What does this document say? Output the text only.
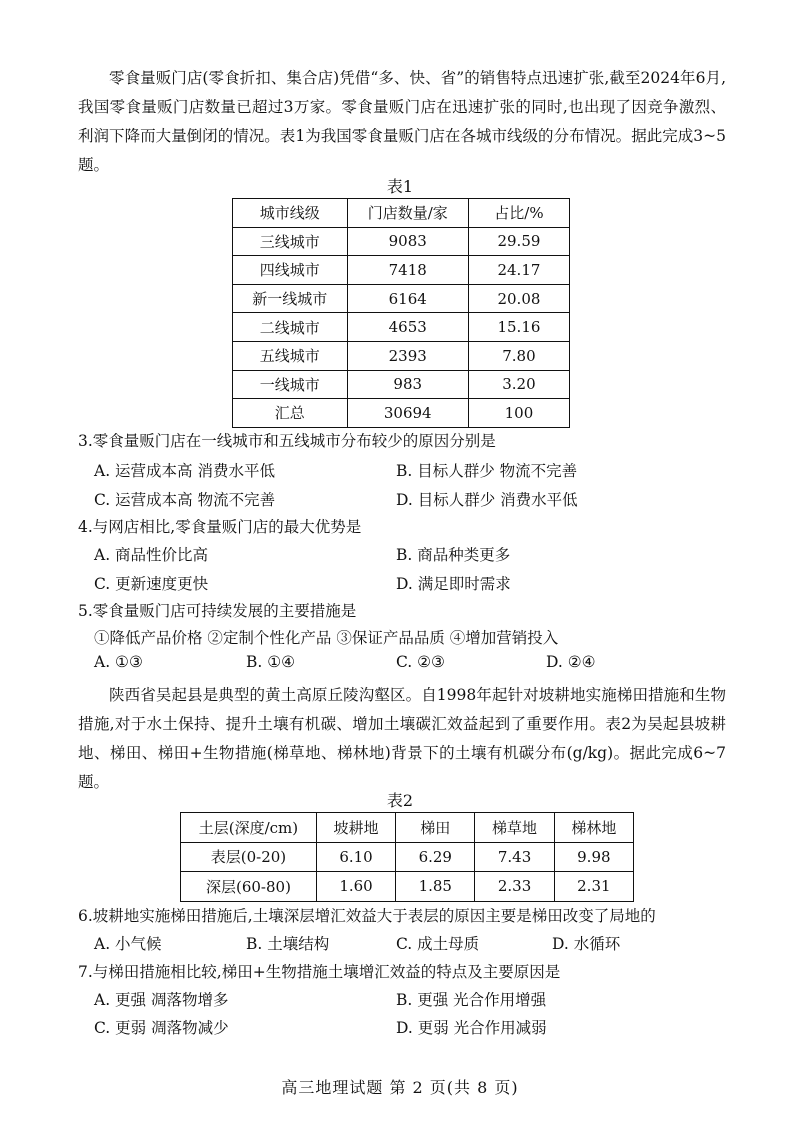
零食量贩门店(零食折扣、集合店)凭借“多、快、省”的销售特点迅速扩张,截至2024年6月,我国零食量贩门店数量已超过3万家。零食量贩门店在迅速扩张的同时,也出现了因竞争激烈、利润下降而大量倒闭的情况。表1为我国零食量贩门店在各城市线级的分布情况。据此完成3~5题。
表1
城市线级	门店数量/家	占比/%
三线城市	9083	29.59
四线城市	7418	24.17
新一线城市	6164	20.08
二线城市	4653	15.16
五线城市	2393	7.80
一线城市	983	3.20
汇总	30694	100
3.零食量贩门店在一线城市和五线城市分布较少的原因分别是
A. 运营成本高 消费水平低	B. 目标人群少 物流不完善
C. 运营成本高 物流不完善	D. 目标人群少 消费水平低
4.与网店相比,零食量贩门店的最大优势是
A. 商品性价比高	B. 商品种类更多
C. 更新速度更快	D. 满足即时需求
5.零食量贩门店可持续发展的主要措施是
①降低产品价格 ②定制个性化产品 ③保证产品品质 ④增加营销投入
A. ①③	B. ①④	C. ②③	D. ②④
陕西省吴起县是典型的黄土高原丘陵沟壑区。自1998年起针对坡耕地实施梯田措施和生物措施,对于水土保持、提升土壤有机碳、增加土壤碳汇效益起到了重要作用。表2为吴起县坡耕地、梯田、梯田+生物措施(梯草地、梯林地)背景下的土壤有机碳分布(g/kg)。据此完成6~7题。
表2
土层(深度/cm)	坡耕地	梯田	梯草地	梯林地
表层(0-20)	6.10	6.29	7.43	9.98
深层(60-80)	1.60	1.85	2.33	2.31
6.坡耕地实施梯田措施后,土壤深层增汇效益大于表层的原因主要是梯田改变了局地的
A. 小气候	B. 土壤结构	C. 成土母质	D. 水循环
7.与梯田措施相比较,梯田+生物措施土壤增汇效益的特点及主要原因是
A. 更强 凋落物增多	B. 更强 光合作用增强
C. 更弱 凋落物减少	D. 更弱 光合作用减弱
高三地理试题 第 2 页(共 8 页)
